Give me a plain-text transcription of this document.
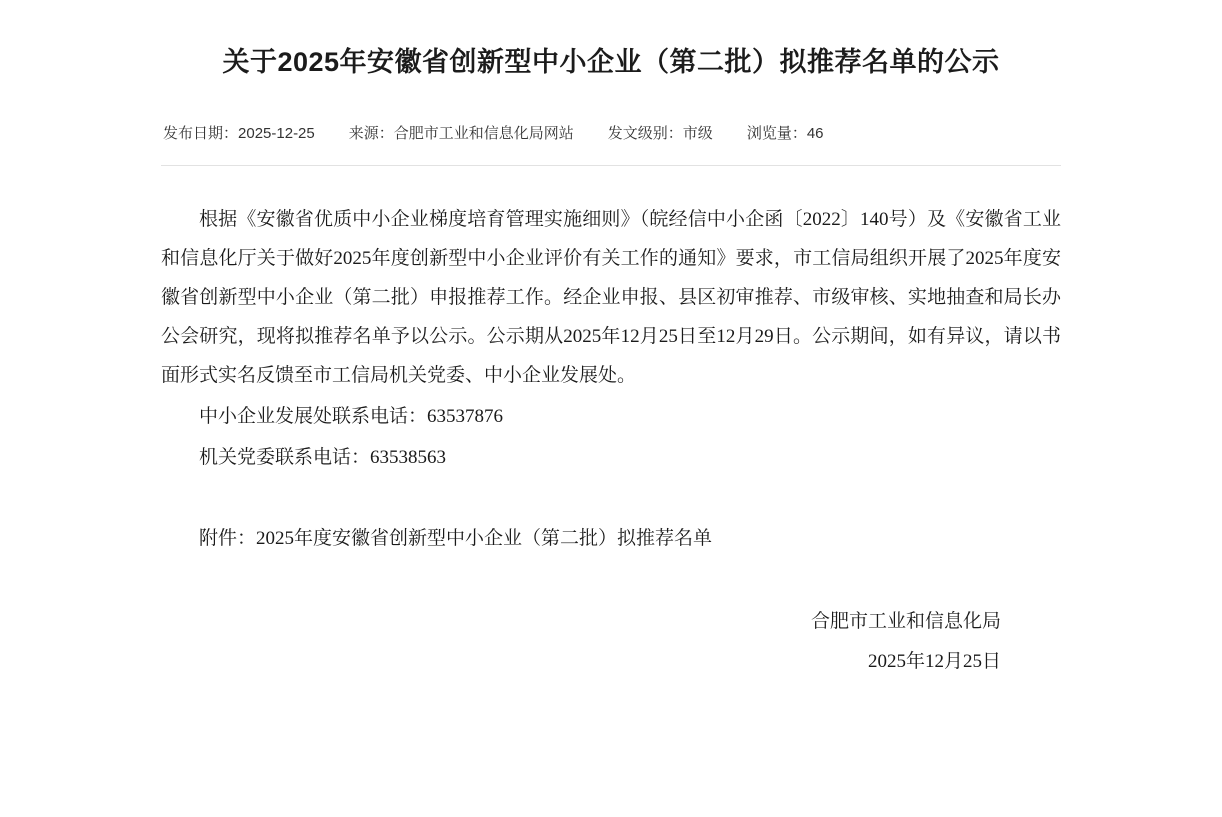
关于2025年安徽省创新型中小企业（第二批）拟推荐名单的公示
发布日期：2025-12-25 来源：合肥市工业和信息化局网站 发文级别：市级 浏览量：46

根据《安徽省优质中小企业梯度培育管理实施细则》（皖经信中小企函〔2022〕140号）及《安徽省工业和信息化厅关于做好2025年度创新型中小企业评价有关工作的通知》要求，市工信局组织开展了2025年度安徽省创新型中小企业（第二批）申报推荐工作。经企业申报、县区初审推荐、市级审核、实地抽查和局长办公会研究，现将拟推荐名单予以公示。公示期从2025年12月25日至12月29日。公示期间，如有异议，请以书面形式实名反馈至市工信局机关党委、中小企业发展处。

中小企业发展处联系电话：63537876

机关党委联系电话：63538563

附件：2025年度安徽省创新型中小企业（第二批）拟推荐名单
合肥市工业和信息化局
2025年12月25日
